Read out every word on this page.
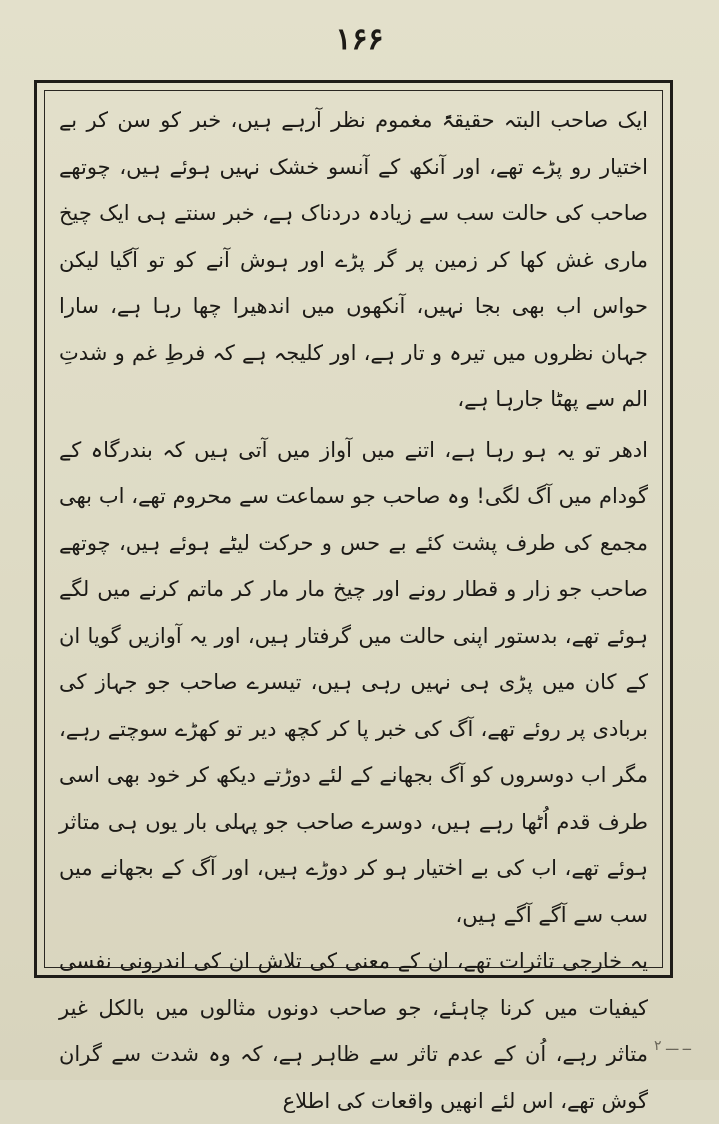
۱۶۶

ایک صاحب البتہ حقیقۃً مغموم نظر آرہے ہیں، خبر کو سن کر بے اختیار رو پڑے تھے، اور آنکھ کے آنسو خشک نہیں ہوئے ہیں، چوتھے صاحب کی حالت سب سے زیادہ دردناک ہے، خبر سنتے ہی ایک چیخ ماری غش کھا کر زمین پر گر پڑے اور ہوش آنے کو تو آگیا لیکن حواس اب بھی بجا نہیں، آنکھوں میں اندھیرا چھا رہا ہے، سارا جہان نظروں میں تیرہ و تار ہے، اور کلیجہ ہے کہ فرطِ غم و شدتِ الم سے پھٹا جارہا ہے،

ادھر تو یہ ہو رہا ہے، اتنے میں آواز میں آتی ہیں کہ بندرگاہ کے گودام میں آگ لگی! وہ صاحب جو سماعت سے محروم تھے، اب بھی مجمع کی طرف پشت کئے بے حس و حرکت لیٹے ہوئے ہیں، چوتھے صاحب جو زار و قطار رونے اور چیخ مار مار کر ماتم کرنے میں لگے ہوئے تھے، بدستور اپنی حالت میں گرفتار ہیں، اور یہ آوازیں گویا ان کے کان میں پڑی ہی نہیں رہی ہیں، تیسرے صاحب جو جہاز کی بربادی پر روئے تھے، آگ کی خبر پا کر کچھ دیر تو کھڑے سوچتے رہے، مگر اب دوسروں کو آگ بجھانے کے لئے دوڑتے دیکھ کر خود بھی اسی طرف قدم اُٹھا رہے ہیں، دوسرے صاحب جو پہلی بار یوں ہی متاثر ہوئے تھے، اب کی بے اختیار ہو کر دوڑے ہیں، اور آگ کے بجھانے میں سب سے آگے آگے ہیں،

یہ خارجی تاثرات تھے، ان کے معنی کی تلاش ان کی اندرونی نفسی کیفیات میں کرنا چاہئے، جو صاحب دونوں مثالوں میں بالکل غیر متاثر رہے، اُن کے عدم تاثر سے ظاہر ہے، کہ وہ شدت سے گران گوش تھے، اس لئے انھیں واقعات کی اطلاع

۲ ــ ـــ
